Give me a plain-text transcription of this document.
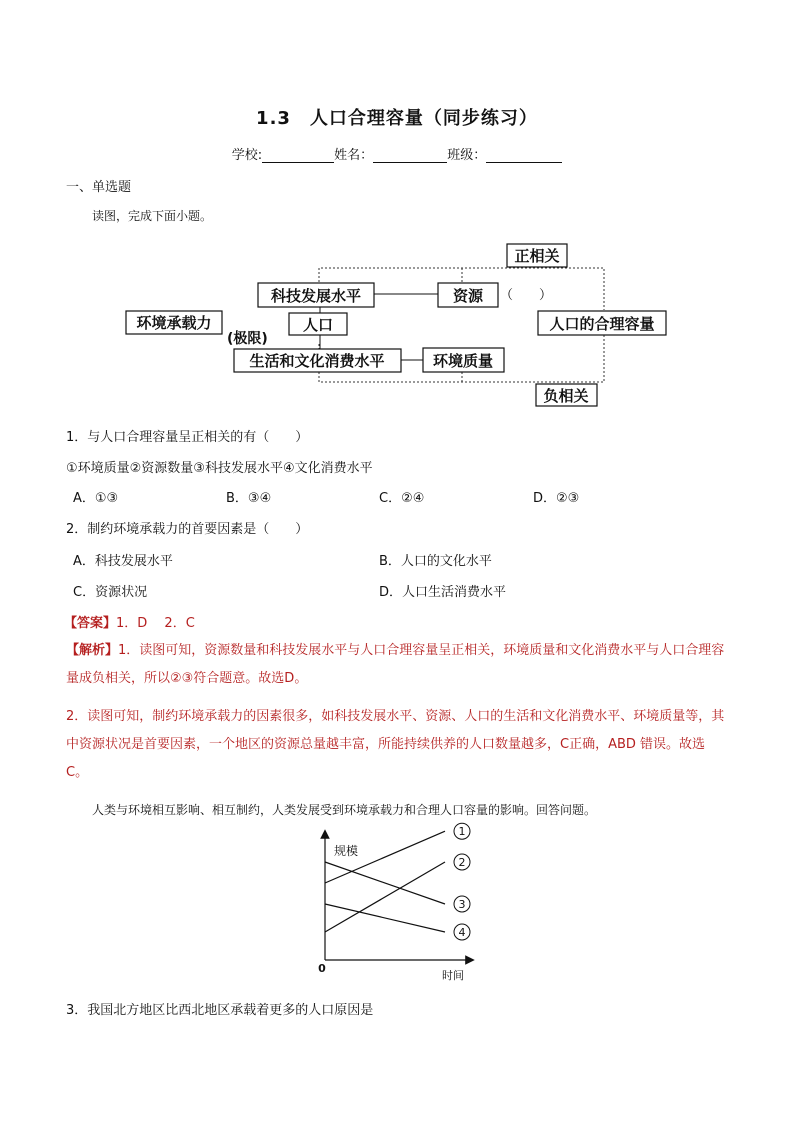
1.3　人口合理容量（同步练习）
学校:	姓名：	班级：
一、单选题
读图，完成下面小题。
正相关
科技发展水平	资源
环境承载力	人口	人口的合理容量
生活和文化消费水平	环境质量
负相关
（　　）
(极限)
1．与人口合理容量呈正相关的有（　　）
①环境质量②资源数量③科技发展水平④文化消费水平
A．①③	B．③④	C．②④	D．②③
2．制约环境承载力的首要因素是（　　）
A．科技发展水平	B．人口的文化水平
C．资源状况	D．人口生活消费水平
【答案】1．D　 2．C
【解析】1．读图可知，资源数量和科技发展水平与人口合理容量呈正相关，环境质量和文化消费水平与人口合理容量成负相关，所以②③符合题意。故选D。
2．读图可知，制约环境承载力的因素很多，如科技发展水平、资源、人口的生活和文化消费水平、环境质量等，其中资源状况是首要因素，一个地区的资源总量越丰富，所能持续供养的人口数量越多，C正确，ABD 错误。故选C。
人类与环境相互影响、相互制约，人类发展受到环境承载力和合理人口容量的影响。回答问题。
规模
时间
0
1
2
3
4
3．我国北方地区比西北地区承载着更多的人口原因是
